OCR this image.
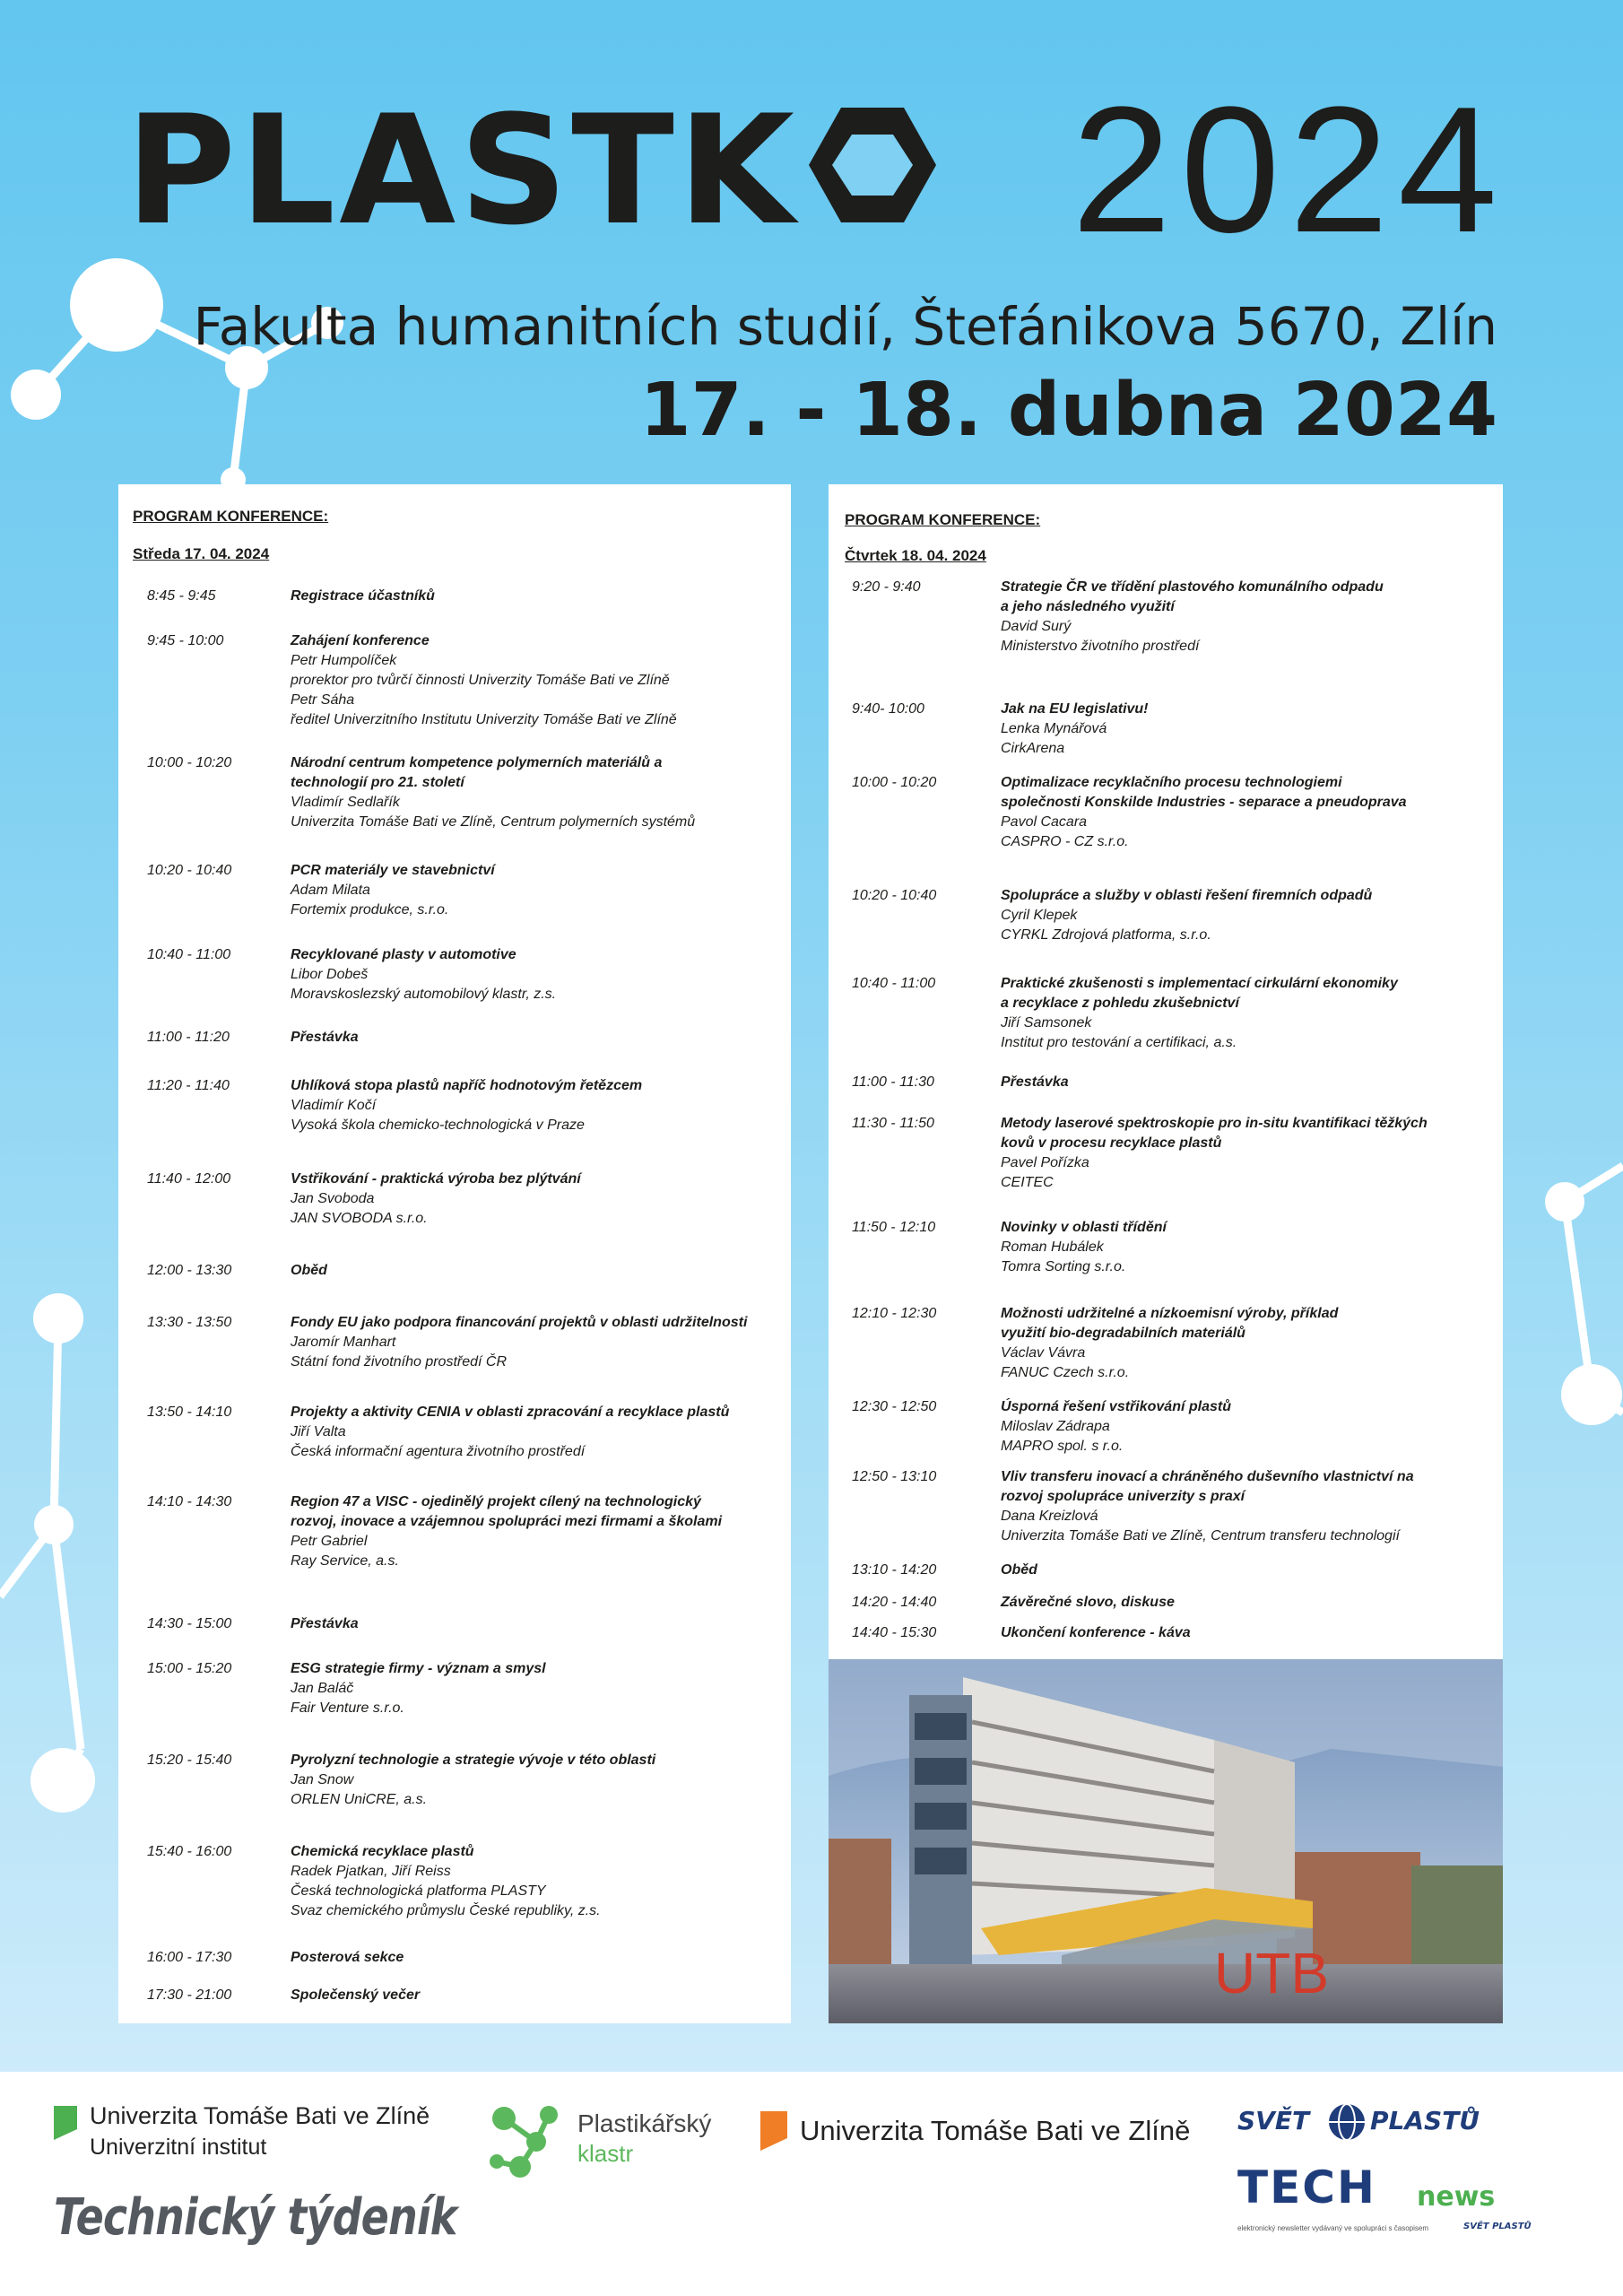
PLASTK	2024
Fakulta humanitních studií, Štefánikova 5670, Zlín
17. - 18. dubna 2024
PROGRAM KONFERENCE:
Středa 17. 04. 2024
8:45 - 9:45	Registrace účastníků
9:45 - 10:00	Zahájení konference
Petr Humpolíček
prorektor pro tvůrčí činnosti Univerzity Tomáše Bati ve Zlíně
Petr Sáha
ředitel Univerzitního Institutu Univerzity Tomáše Bati ve Zlíně
10:00 - 10:20	Národní centrum kompetence polymerních materiálů a
technologií pro 21. století
Vladimír Sedlařík
Univerzita Tomáše Bati ve Zlíně, Centrum polymerních systémů
10:20 - 10:40	PCR materiály ve stavebnictví
Adam Milata
Fortemix produkce, s.r.o.
10:40 - 11:00	Recyklované plasty v automotive
Libor Dobeš
Moravskoslezský automobilový klastr, z.s.
11:00 - 11:20	Přestávka
11:20 - 11:40	Uhlíková stopa plastů napříč hodnotovým řetězcem
Vladimír Kočí
Vysoká škola chemicko-technologická v Praze
11:40 - 12:00	Vstřikování - praktická výroba bez plýtvání
Jan Svoboda
JAN SVOBODA s.r.o.
12:00 - 13:30	Oběd
13:30 - 13:50	Fondy EU jako podpora financování projektů v oblasti udržitelnosti
Jaromír Manhart
Státní fond životního prostředí ČR
13:50 - 14:10	Projekty a aktivity CENIA v oblasti zpracování a recyklace plastů
Jiří Valta
Česká informační agentura životního prostředí
14:10 - 14:30	Region 47 a VISC - ojedinělý projekt cílený na technologický
rozvoj, inovace a vzájemnou spolupráci mezi firmami a školami
Petr Gabriel
Ray Service, a.s.
14:30 - 15:00	Přestávka
15:00 - 15:20	ESG strategie firmy - význam a smysl
Jan Baláč
Fair Venture s.r.o.
15:20 - 15:40	Pyrolyzní technologie a strategie vývoje v této oblasti
Jan Snow
ORLEN UniCRE, a.s.
15:40 - 16:00	Chemická recyklace plastů
Radek Pjatkan, Jiří Reiss
Česká technologická platforma PLASTY
Svaz chemického průmyslu České republiky, z.s.
16:00 - 17:30	Posterová sekce
17:30 - 21:00	Společenský večer
PROGRAM KONFERENCE:
Čtvrtek 18. 04. 2024
9:20 - 9:40	Strategie ČR ve třídění plastového komunálního odpadu
a jeho následného využití
David Surý
Ministerstvo životního prostředí
9:40- 10:00	Jak na EU legislativu!
Lenka Mynářová
CirkArena
10:00 - 10:20	Optimalizace recyklačního procesu technologiemi
společnosti Konskilde Industries - separace a pneudoprava
Pavol Cacara
CASPRO - CZ s.r.o.
10:20 - 10:40	Spolupráce a služby v oblasti řešení firemních odpadů
Cyril Klepek
CYRKL Zdrojová platforma, s.r.o.
10:40 - 11:00	Praktické zkušenosti s implementací cirkulární ekonomiky
a recyklace z pohledu zkušebnictví
Jiří Samsonek
Institut pro testování a certifikaci, a.s.
11:00 - 11:30	Přestávka
11:30 - 11:50	Metody laserové spektroskopie pro in-situ kvantifikaci těžkých
kovů v procesu recyklace plastů
Pavel Pořízka
CEITEC
11:50 - 12:10	Novinky v oblasti třídění
Roman Hubálek
Tomra Sorting s.r.o.
12:10 - 12:30	Možnosti udržitelné a nízkoemisní výroby, příklad
využití bio-degradabilních materiálů
Václav Vávra
FANUC Czech s.r.o.
12:30 - 12:50	Úsporná řešení vstřikování plastů
Miloslav Zádrapa
MAPRO spol. s r.o.
12:50 - 13:10	Vliv transferu inovací a chráněného duševního vlastnictví na
rozvoj spolupráce univerzity s praxí
Dana Kreizlová
Univerzita Tomáše Bati ve Zlíně, Centrum transferu technologií
13:10 - 14:20	Oběd
14:20 - 14:40	Závěrečné slovo, diskuse
14:40 - 15:30	Ukončení konference - káva
UTB
Univerzita Tomáše Bati ve Zlíně
Univerzitní institut
Plastikářský
klastr
Univerzita Tomáše Bati ve Zlíně SVĚT PLASTŮ
TECH news
elektronický newsletter vydávaný ve spolupráci s časopisem	SVĚT PLASTŮ
Technický týdeník
